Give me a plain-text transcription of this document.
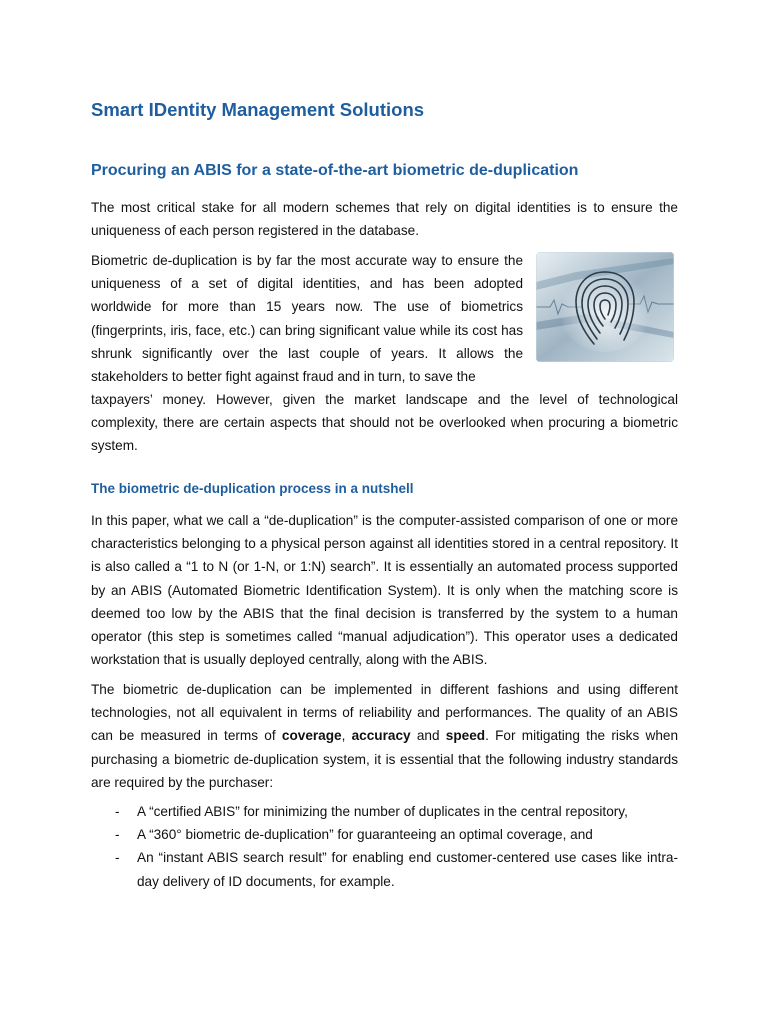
Smart IDentity Management Solutions
Procuring an ABIS for a state-of-the-art biometric de-duplication

The most critical stake for all modern schemes that rely on digital identities is to ensure the uniqueness of each person registered in the database.

Biometric de-duplication is by far the most accurate way to ensure the uniqueness of a set of digital identities, and has been adopted worldwide for more than 15 years now. The use of biometrics (fingerprints, iris, face, etc.) can bring significant value while its cost has shrunk significantly over the last couple of years. It allows the stakeholders to better fight against fraud and in turn, to save the

taxpayers’ money. However, given the market landscape and the level of technological complexity, there are certain aspects that should not be overlooked when procuring a biometric system.

The biometric de-duplication process in a nutshell

In this paper, what we call a “de-duplication” is the computer-assisted comparison of one or more characteristics belonging to a physical person against all identities stored in a central repository. It is also called a “1 to N (or 1-N, or 1:N) search”. It is essentially an automated process supported by an ABIS (Automated Biometric Identification System). It is only when the matching score is deemed too low by the ABIS that the final decision is transferred by the system to a human operator (this step is sometimes called “manual adjudication”). This operator uses a dedicated workstation that is usually deployed centrally, along with the ABIS.

The biometric de-duplication can be implemented in different fashions and using different technologies, not all equivalent in terms of reliability and performances. The quality of an ABIS can be measured in terms of coverage, accuracy and speed. For mitigating the risks when purchasing a biometric de-duplication system, it is essential that the following industry standards are required by the purchaser:

- A “certified ABIS” for minimizing the number of duplicates in the central repository,
- A “360° biometric de-duplication” for guaranteeing an optimal coverage, and
- An “instant ABIS search result” for enabling end customer-centered use cases like intra-day delivery of ID documents, for example.
